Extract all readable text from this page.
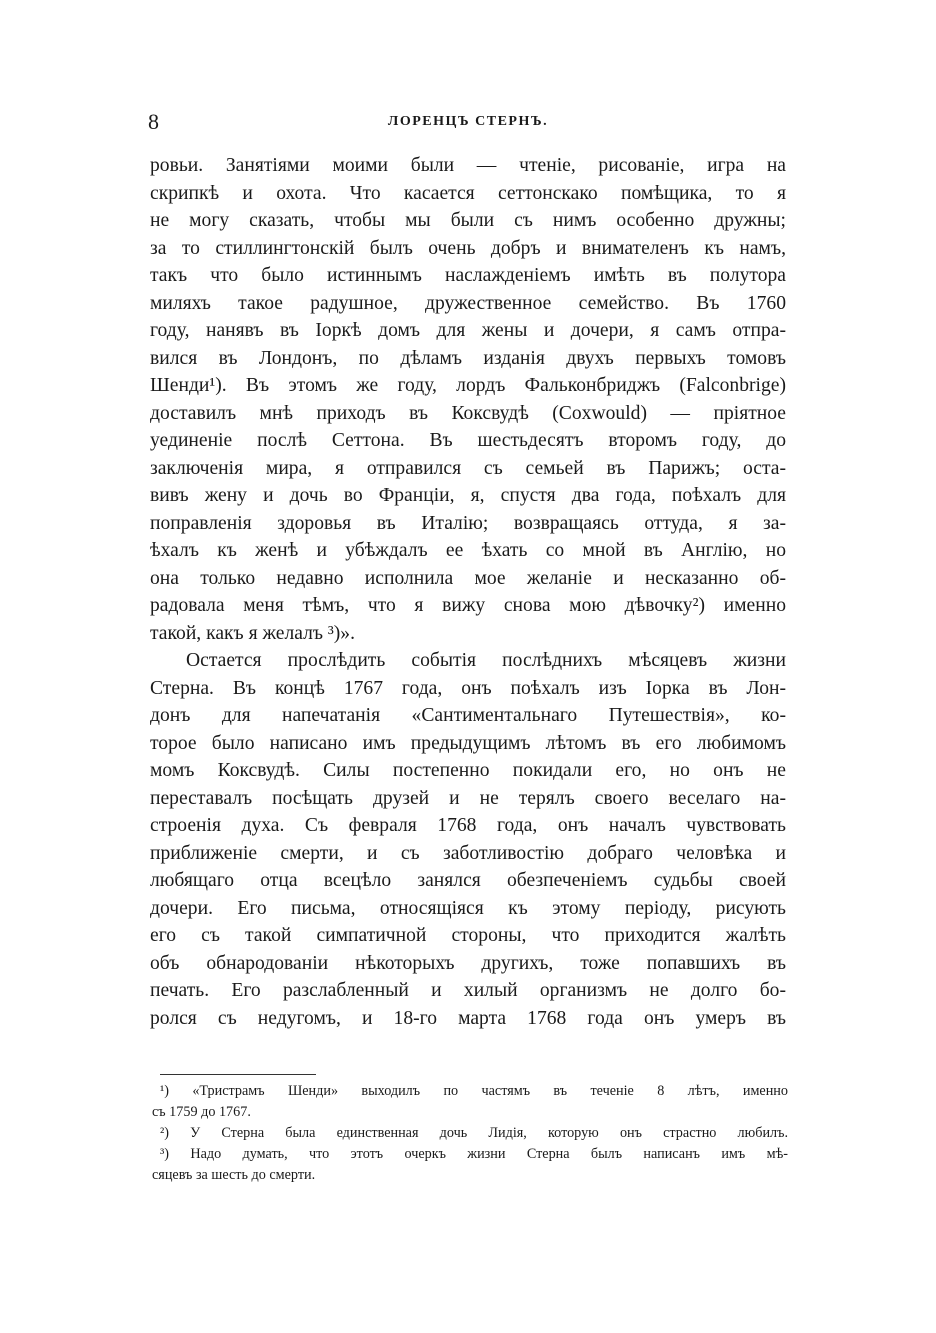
8	ЛОРЕНЦЪ СТЕРНЪ.
ровьи. Занятіями моими были — чтеніе, рисованіе, игра на
скрипкѣ и охота. Что касается сеттонскако помѣщика, то я
не могу сказать, чтобы мы были съ нимъ особенно дружны;
за то стиллингтонскій былъ очень добръ и внимателенъ къ намъ,
такъ что было истиннымъ наслажденіемъ имѣть въ полутора
миляхъ такое радушное, дружественное семейство. Въ 1760
году, нанявъ въ Іоркѣ домъ для жены и дочери, я самъ отпра-
вился въ Лондонъ, по дѣламъ изданія двухъ первыхъ томовъ
Шенди¹). Въ этомъ же году, лордъ Фальконбриджъ (Falconbrige)
доставилъ мнѣ приходъ въ Коксвудѣ (Coxwould) — пріятное
уединеніе послѣ Сеттона. Въ шестьдесятъ второмъ году, до
заключенія мира, я отправился съ семьей въ Парижъ; оста-
вивъ жену и дочь во Франціи, я, спустя два года, поѣхалъ для
поправленія здоровья въ Италію; возвращаясь оттуда, я за-
ѣхалъ къ женѣ и убѣждалъ ее ѣхать со мной въ Англію, но
она только недавно исполнила мое желаніе и несказанно об-
радовала меня тѣмъ, что я вижу снова мою дѣвочку²) именно
такой, какъ я желалъ ³)».
Остается прослѣдить событія послѣднихъ мѣсяцевъ жизни
Стерна. Въ концѣ 1767 года, онъ поѣхалъ изъ Іорка въ Лон-
донъ для напечатанія «Сантиментальнаго Путешествія», ко-
торое было написано имъ предыдущимъ лѣтомъ въ его любимомъ
момъ Коксвудѣ. Силы постепенно покидали его, но онъ не
переставалъ посѣщать друзей и не терялъ своего веселаго на-
строенія духа. Съ февраля 1768 года, онъ началъ чувствовать
приближеніе смерти, и съ заботливостію добраго человѣка и
любящаго отца всецѣло занялся обезпеченіемъ судьбы своей
дочери. Его письма, относящіяся къ этому періоду, рисують
его съ такой симпатичной стороны, что приходится жалѣть
объ обнародованіи нѣкоторыхъ другихъ, тоже попавшихъ въ
печать. Его разслабленный и хилый организмъ не долго бо-
ролся съ недугомъ, и 18-го марта 1768 года онъ умеръ въ
¹) «Тристрамъ Шенди» выходилъ по частямъ въ теченіе 8 лѣтъ, именно
съ 1759 до 1767.
²) У Стерна была единственная дочь Лидія, которую онъ страстно любилъ.
³) Надо думать, что этотъ очеркъ жизни Стерна былъ написанъ имъ мѣ-
сяцевъ за шесть до смерти.
